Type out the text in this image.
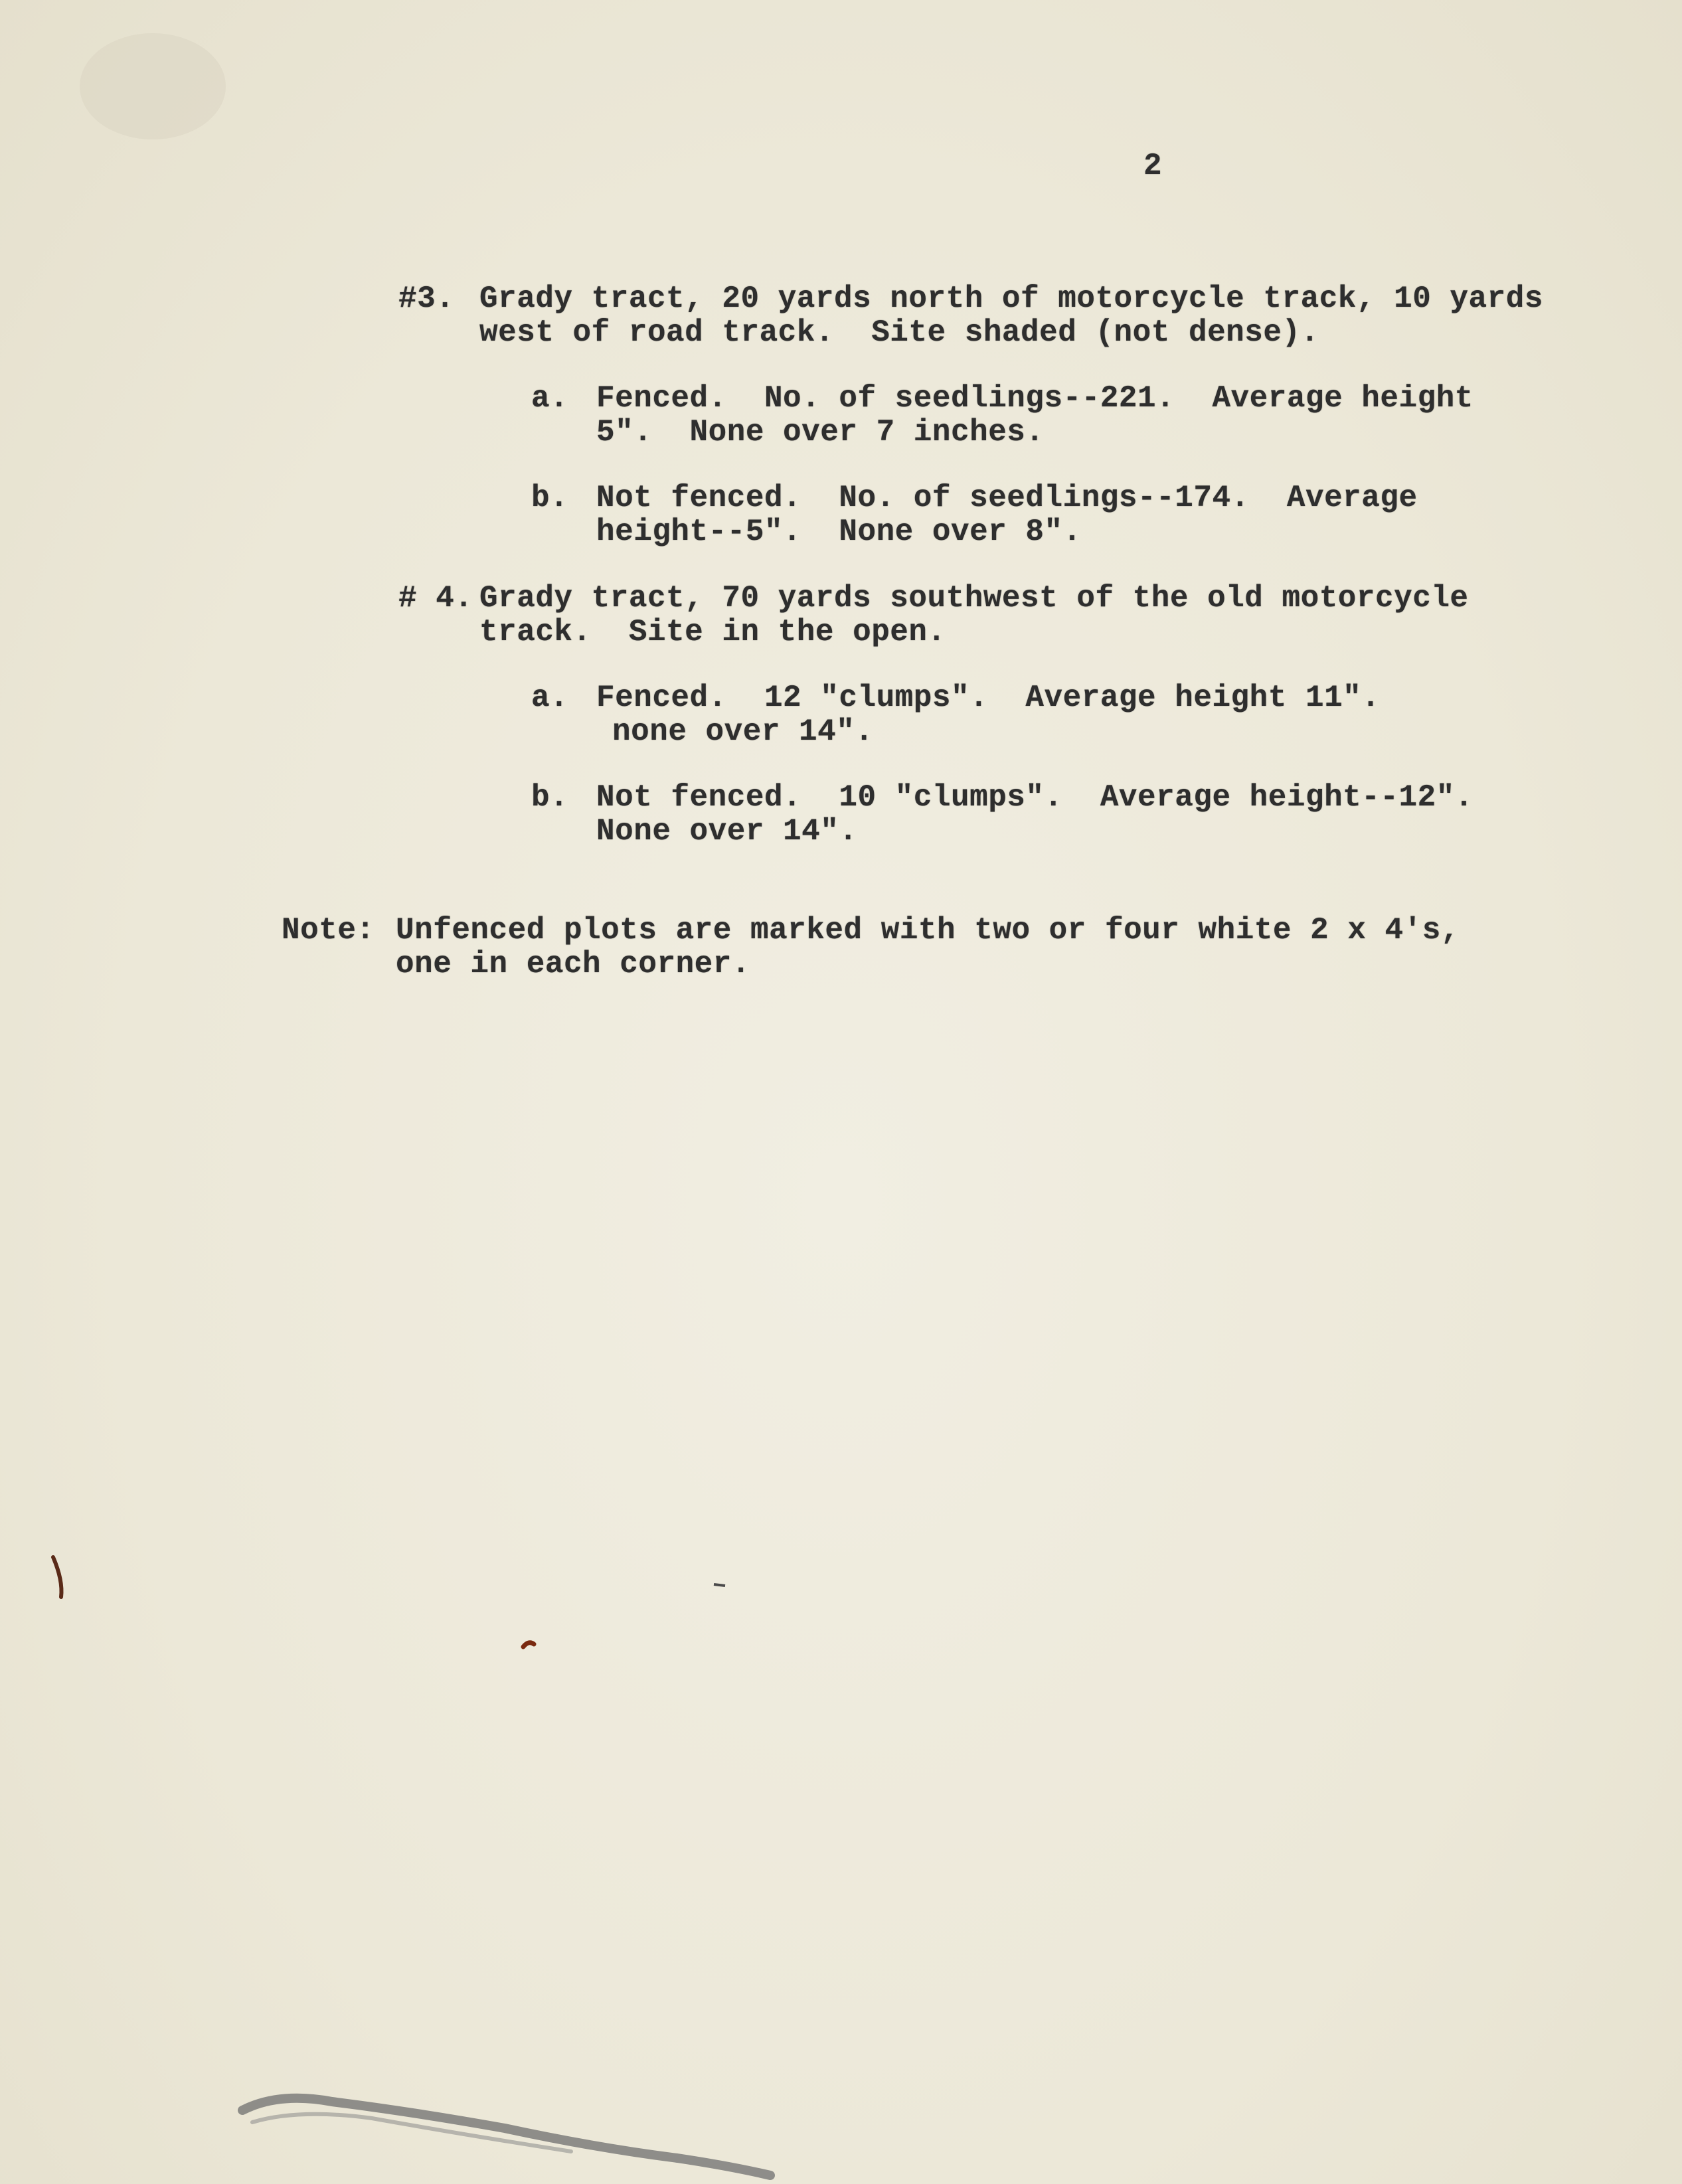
2
#3. Grady tract, 20 yards north of motorcycle track, 10 yards
west of road track.  Site shaded (not dense).
a. Fenced.  No. of seedlings--221.  Average height
5".  None over 7 inches.
b. Not fenced.  No. of seedlings--174.  Average
height--5".  None over 8".
# 4. Grady tract, 70 yards southwest of the old motorcycle
track.  Site in the open.
a. Fenced.  12 "clumps".  Average height 11".
none over 14".
b. Not fenced.  10 "clumps".  Average height--12".
None over 14".
Note: Unfenced plots are marked with two or four white 2 x 4's,
one in each corner.
